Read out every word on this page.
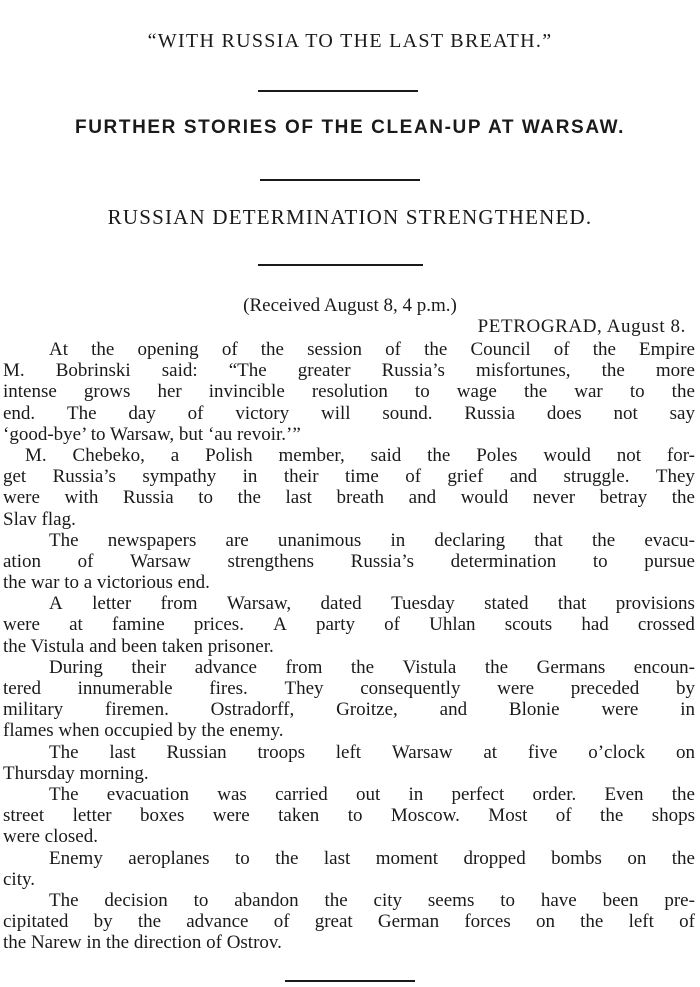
“WITH RUSSIA TO THE LAST BREATH.”
FURTHER STORIES OF THE CLEAN-UP AT WARSAW.
RUSSIAN DETERMINATION STRENGTHENED.
(Received August 8, 4 p.m.)
PETROGRAD, August 8.
At the opening of the session of the Council of the Empire
M. Bobrinski said: “The greater Russia’s misfortunes, the more
intense grows her invincible resolution to wage the war to the
end. The day of victory will sound. Russia does not say
‘good-bye’ to Warsaw, but ‘au revoir.’”
M. Chebeko, a Polish member, said the Poles would not for-
get Russia’s sympathy in their time of grief and struggle. They
were with Russia to the last breath and would never betray the
Slav flag.
The newspapers are unanimous in declaring that the evacu-
ation of Warsaw strengthens Russia’s determination to pursue
the war to a victorious end.
A letter from Warsaw, dated Tuesday stated that provisions
were at famine prices. A party of Uhlan scouts had crossed
the Vistula and been taken prisoner.
During their advance from the Vistula the Germans encoun-
tered innumerable fires. They consequently were preceded by
military firemen. Ostradorff, Groitze, and Blonie were in
flames when occupied by the enemy.
The last Russian troops left Warsaw at five o’clock on
Thursday morning.
The evacuation was carried out in perfect order. Even the
street letter boxes were taken to Moscow. Most of the shops
were closed.
Enemy aeroplanes to the last moment dropped bombs on the
city.
The decision to abandon the city seems to have been pre-
cipitated by the advance of great German forces on the left of
the Narew in the direction of Ostrov.
